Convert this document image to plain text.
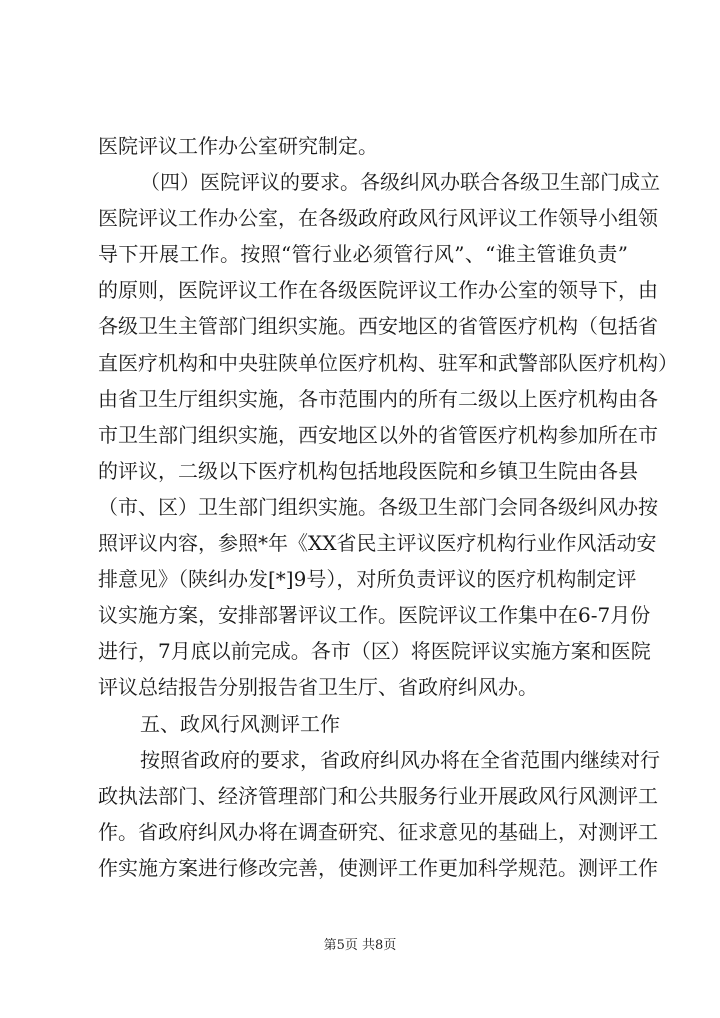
医院评议工作办公室研究制定。
（四）医院评议的要求。各级纠风办联合各级卫生部门成立
医院评议工作办公室，在各级政府政风行风评议工作领导小组领
导下开展工作。按照“管行业必须管行风”、“谁主管谁负责”
的原则，医院评议工作在各级医院评议工作办公室的领导下，由
各级卫生主管部门组织实施。西安地区的省管医疗机构（包括省
直医疗机构和中央驻陕单位医疗机构、驻军和武警部队医疗机构）
由省卫生厅组织实施，各市范围内的所有二级以上医疗机构由各
市卫生部门组织实施，西安地区以外的省管医疗机构参加所在市
的评议，二级以下医疗机构包括地段医院和乡镇卫生院由各县
（市、区）卫生部门组织实施。各级卫生部门会同各级纠风办按
照评议内容，参照*年《XX省民主评议医疗机构行业作风活动安
排意见》（陕纠办发[*]9号），对所负责评议的医疗机构制定评
议实施方案，安排部署评议工作。医院评议工作集中在6-7月份
进行，7月底以前完成。各市（区）将医院评议实施方案和医院
评议总结报告分别报告省卫生厅、省政府纠风办。
五、政风行风测评工作
按照省政府的要求，省政府纠风办将在全省范围内继续对行
政执法部门、经济管理部门和公共服务行业开展政风行风测评工
作。省政府纠风办将在调查研究、征求意见的基础上，对测评工
作实施方案进行修改完善，使测评工作更加科学规范。测评工作
第5页 共8页
